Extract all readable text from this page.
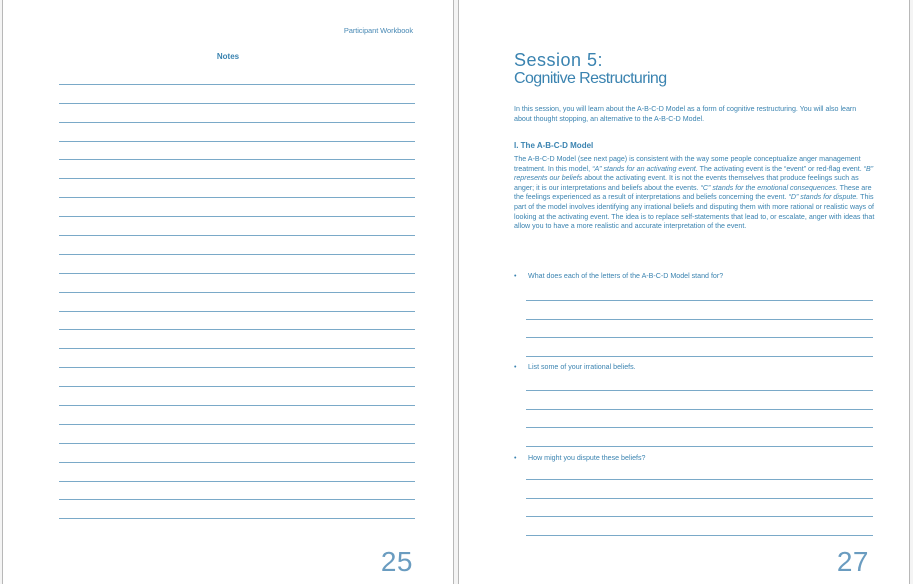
Participant Workbook
Notes
25
Session 5:
Cognitive Restructuring

In this session, you will learn about the A-B-C-D Model as a form of cognitive restructuring. You will also learn about thought stopping, an alternative to the A-B-C-D Model.

I. The A-B-C-D Model

The A-B-C-D Model (see next page) is consistent with the way some people conceptualize anger management treatment. In this model, “A” stands for an activating event. The activating event is the “event” or red-flag event. “B” represents our beliefs about the activating event. It is not the events themselves that produce feelings such as anger; it is our interpretations and beliefs about the events. “C” stands for the emotional consequences. These are the feelings experienced as a result of interpretations and beliefs concerning the event. “D” stands for dispute. This part of the model involves identifying any irrational beliefs and disputing them with more rational or realistic ways of looking at the activating event. The idea is to replace self-statements that lead to, or escalate, anger with ideas that allow you to have a more realistic and accurate interpretation of the event.

• What does each of the letters of the A-B-C-D Model stand for?
• List some of your irrational beliefs.
• How might you dispute these beliefs?
27
